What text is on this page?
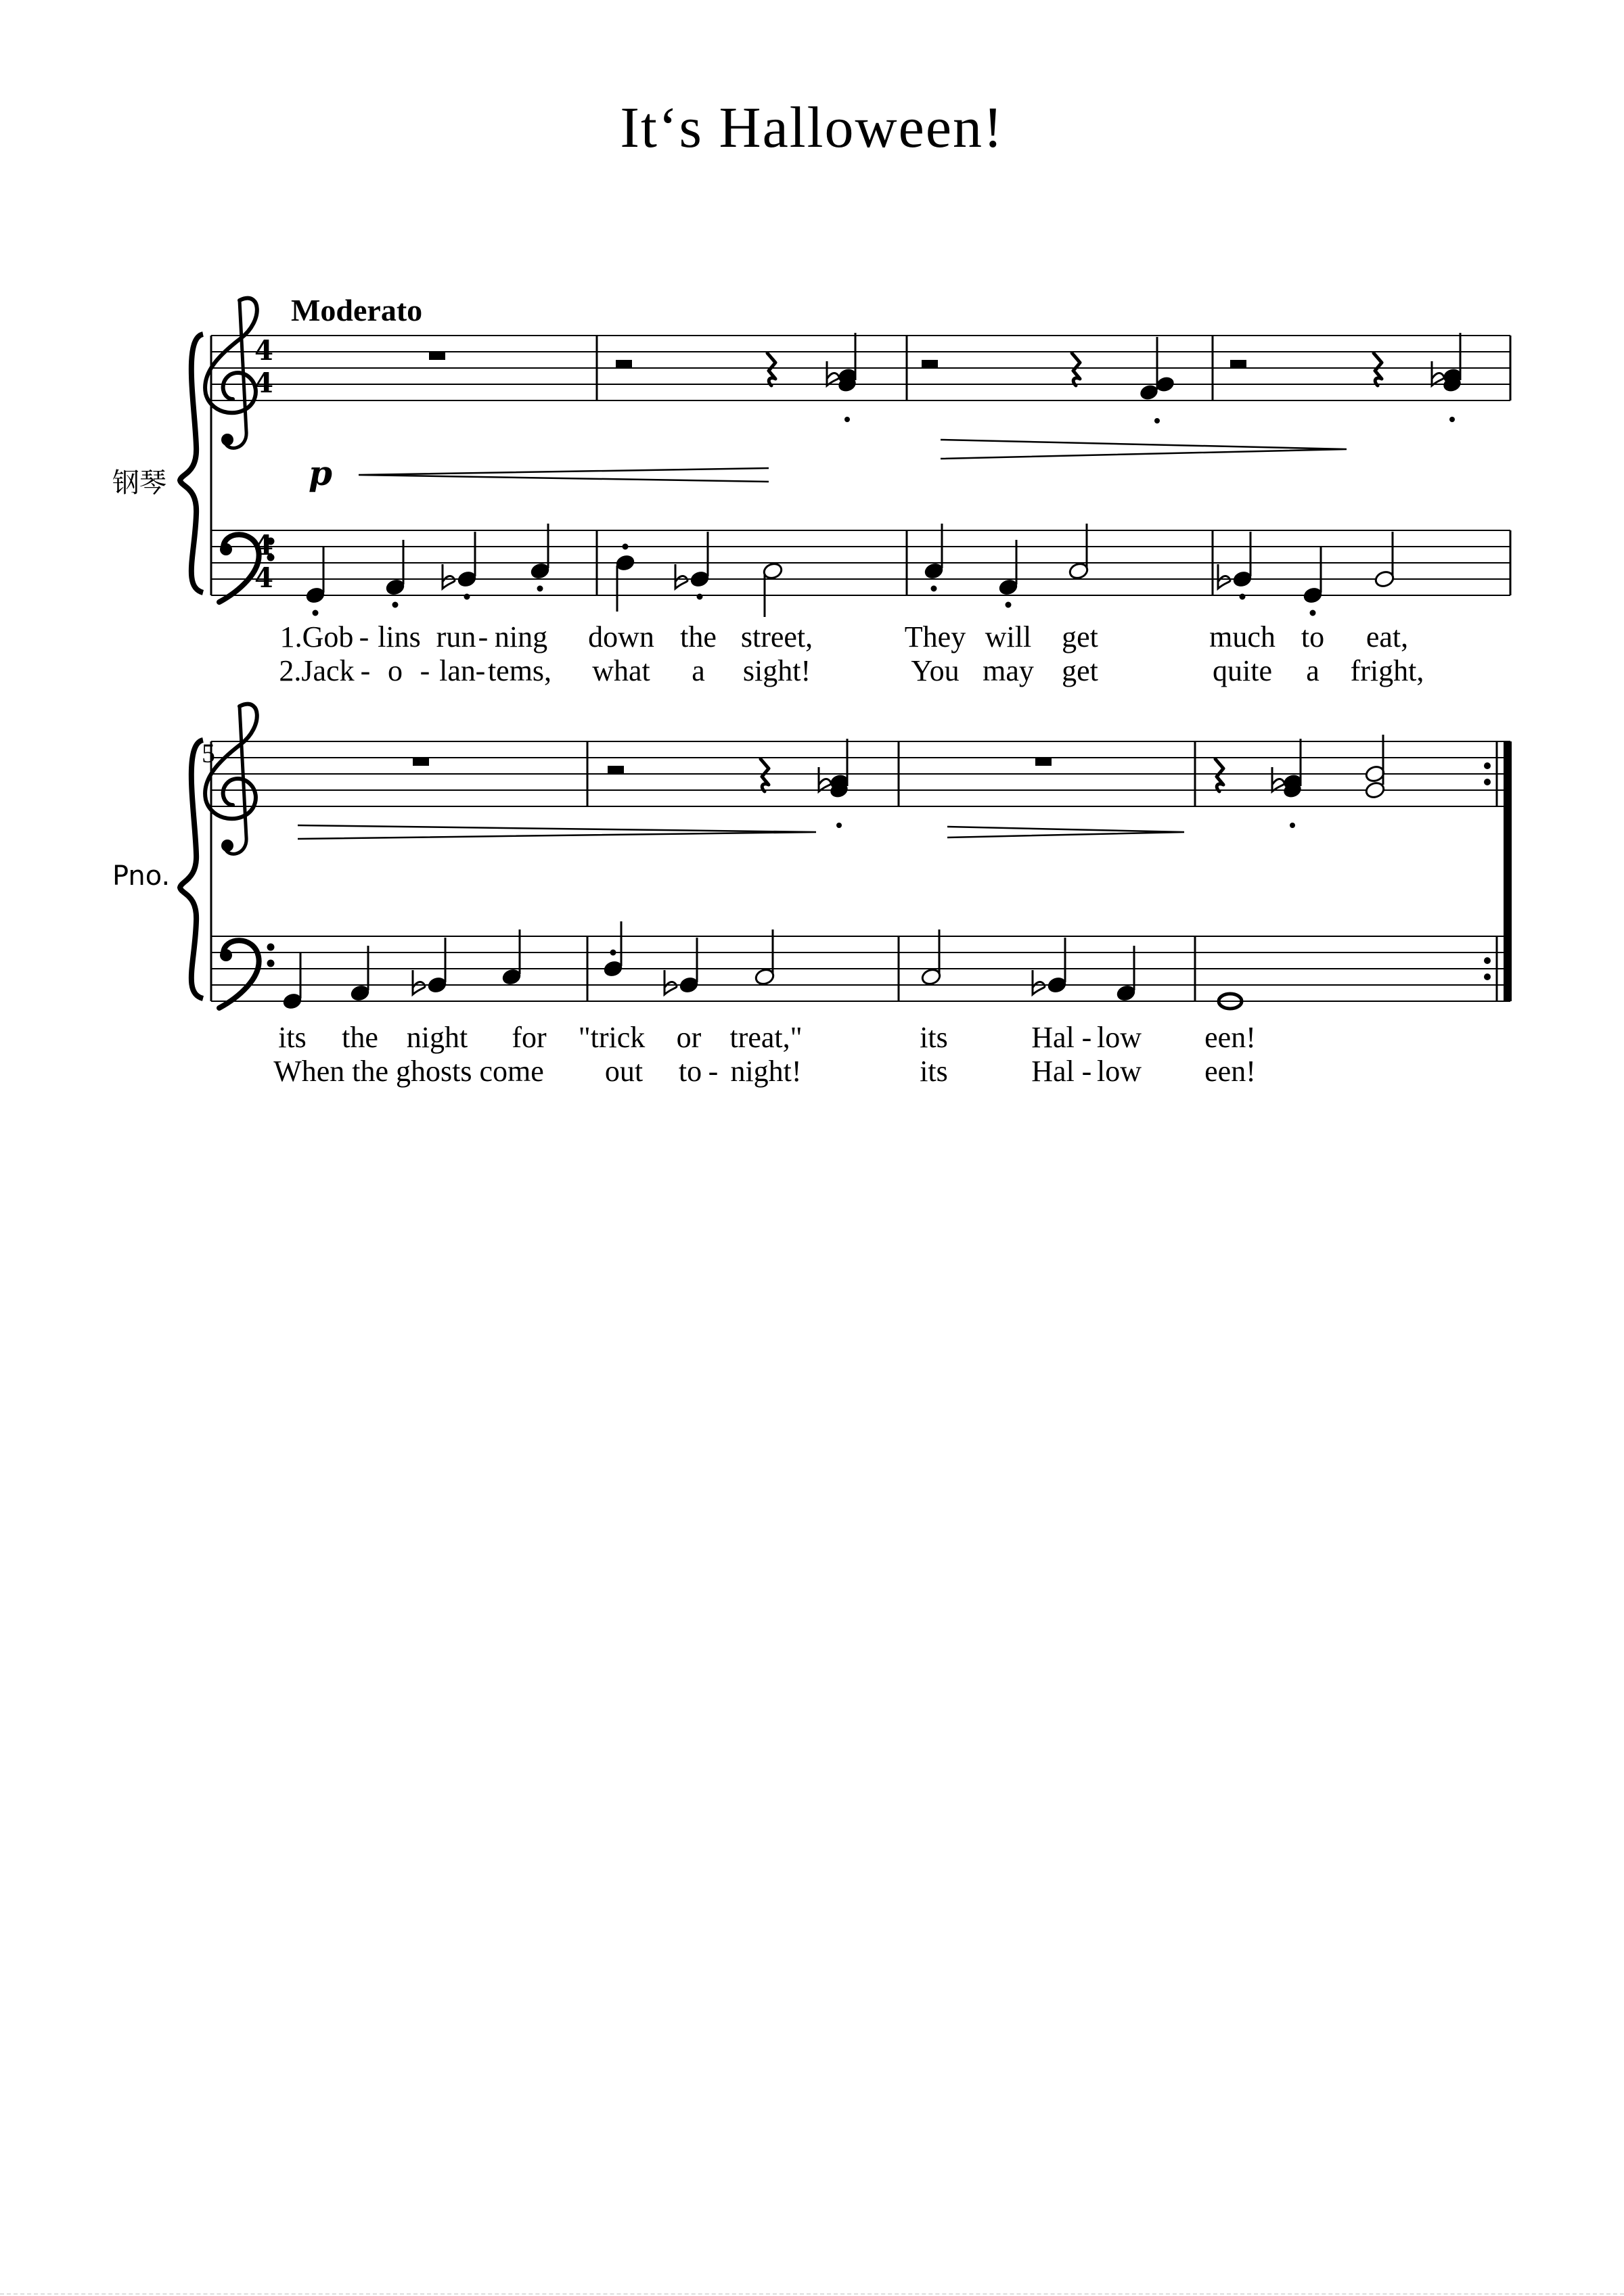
It‘s Halloween!
Moderato
钢琴
Pno.
5
p
4
4
4
4
1.Gob - lins run - ning down the street,	They will get	much to eat,
2.Jack - o - lan - tems, what a sight!	You may get	quite a fright,
its the night for "trick or treat,"	its	Hal - low een!
When the ghosts come out to - night!	its	Hal - low een!
